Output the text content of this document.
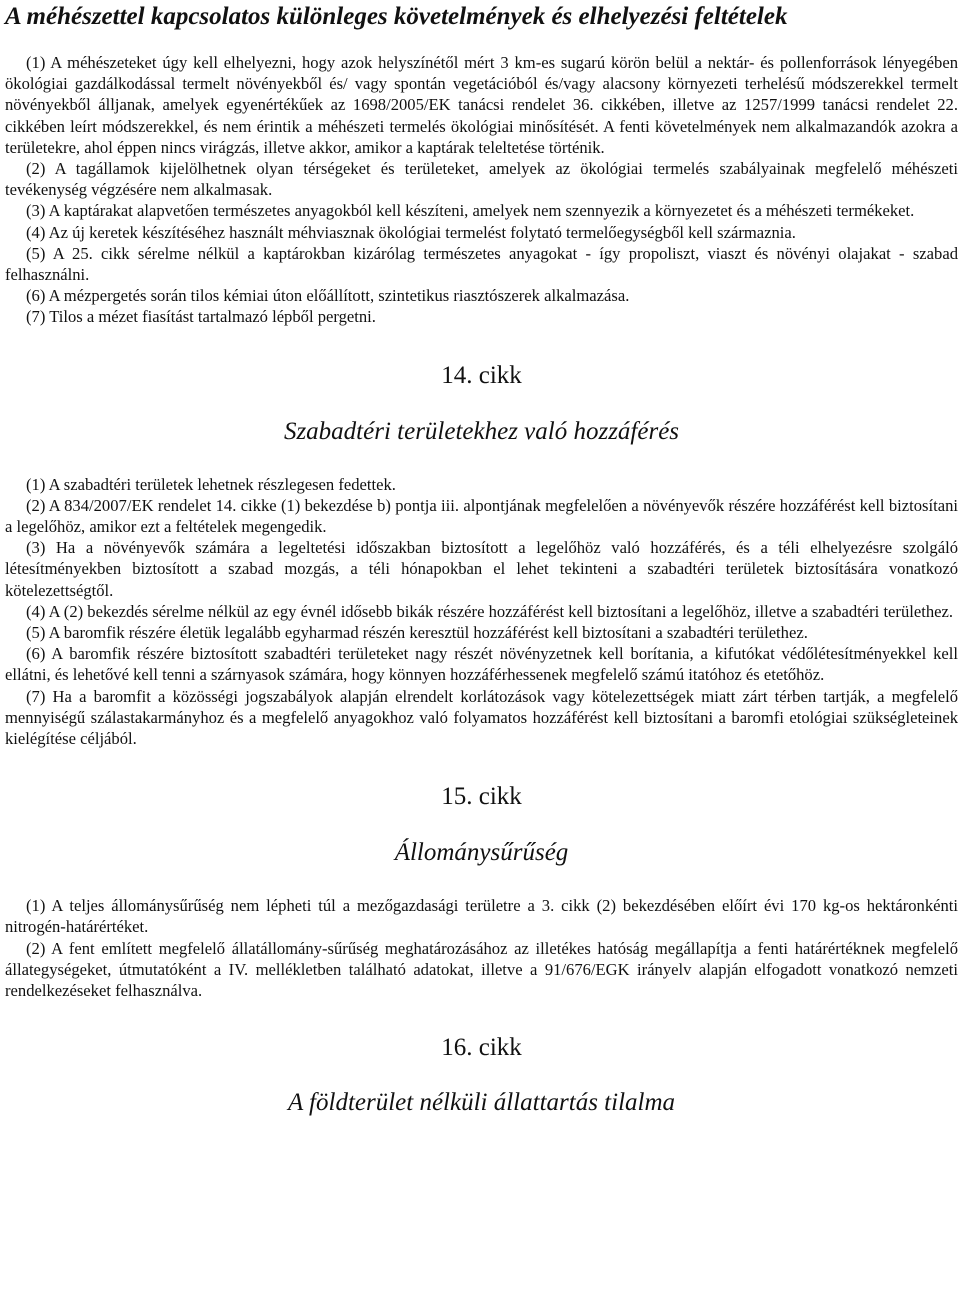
A méhészettel kapcsolatos különleges követelmények és elhelyezési feltételek

(1) A méhészeteket úgy kell elhelyezni, hogy azok helyszínétől mért 3 km-es sugarú körön belül a nektár- és pollenforrások lényegében ökológiai gazdálkodással termelt növényekből és/ vagy spontán vegetációból és/vagy alacsony környezeti terhelésű módszerekkel termelt növényekből álljanak, amelyek egyenértékűek az 1698/2005/EK tanácsi rendelet 36. cikkében, illetve az 1257/1999 tanácsi rendelet 22. cikkében leírt módszerekkel, és nem érintik a méhészeti termelés ökológiai minősítését. A fenti követelmények nem alkalmazandók azokra a területekre, ahol éppen nincs virágzás, illetve akkor, amikor a kaptárak teleltetése történik.

(2) A tagállamok kijelölhetnek olyan térségeket és területeket, amelyek az ökológiai termelés szabályainak megfelelő méhészeti tevékenység végzésére nem alkalmasak.

(3) A kaptárakat alapvetően természetes anyagokból kell készíteni, amelyek nem szennyezik a környezetet és a méhészeti termékeket.

(4) Az új keretek készítéséhez használt méhviasznak ökológiai termelést folytató termelőegységből kell származnia.

(5) A 25. cikk sérelme nélkül a kaptárokban kizárólag természetes anyagokat - így propoliszt, viaszt és növényi olajakat - szabad felhasználni.

(6) A mézpergetés során tilos kémiai úton előállított, szintetikus riasztószerek alkalmazása.

(7) Tilos a mézet fiasítást tartalmazó lépből pergetni.

14. cikk
Szabadtéri területekhez való hozzáférés

(1) A szabadtéri területek lehetnek részlegesen fedettek.

(2) A 834/2007/EK rendelet 14. cikke (1) bekezdése b) pontja iii. alpontjának megfelelően a növényevők részére hozzáférést kell biztosítani a legelőhöz, amikor ezt a feltételek megengedik.

(3) Ha a növényevők számára a legeltetési időszakban biztosított a legelőhöz való hozzáférés, és a téli elhelyezésre szolgáló létesítményekben biztosított a szabad mozgás, a téli hónapokban el lehet tekinteni a szabadtéri területek biztosítására vonatkozó kötelezettségtől.

(4) A (2) bekezdés sérelme nélkül az egy évnél idősebb bikák részére hozzáférést kell biztosítani a legelőhöz, illetve a szabadtéri területhez.

(5) A baromfik részére életük legalább egyharmad részén keresztül hozzáférést kell biztosítani a szabadtéri területhez.

(6) A baromfik részére biztosított szabadtéri területeket nagy részét növényzetnek kell borítania, a kifutókat védőlétesítményekkel kell ellátni, és lehetővé kell tenni a szárnyasok számára, hogy könnyen hozzáférhessenek megfelelő számú itatóhoz és etetőhöz.

(7) Ha a baromfit a közösségi jogszabályok alapján elrendelt korlátozások vagy kötelezettségek miatt zárt térben tartják, a megfelelő mennyiségű szálastakarmányhoz és a megfelelő anyagokhoz való folyamatos hozzáférést kell biztosítani a baromfi etológiai szükségleteinek kielégítése céljából.

15. cikk
Állománysűrűség

(1) A teljes állománysűrűség nem lépheti túl a mezőgazdasági területre a 3. cikk (2) bekezdésében előírt évi 170 kg-os hektáronkénti nitrogén-határértéket.

(2) A fent említett megfelelő állatállomány-sűrűség meghatározásához az illetékes hatóság megállapítja a fenti határértéknek megfelelő állategységeket, útmutatóként a IV. mellékletben található adatokat, illetve a 91/676/EGK irányelv alapján elfogadott vonatkozó nemzeti rendelkezéseket felhasználva.

16. cikk
A földterület nélküli állattartás tilalma
